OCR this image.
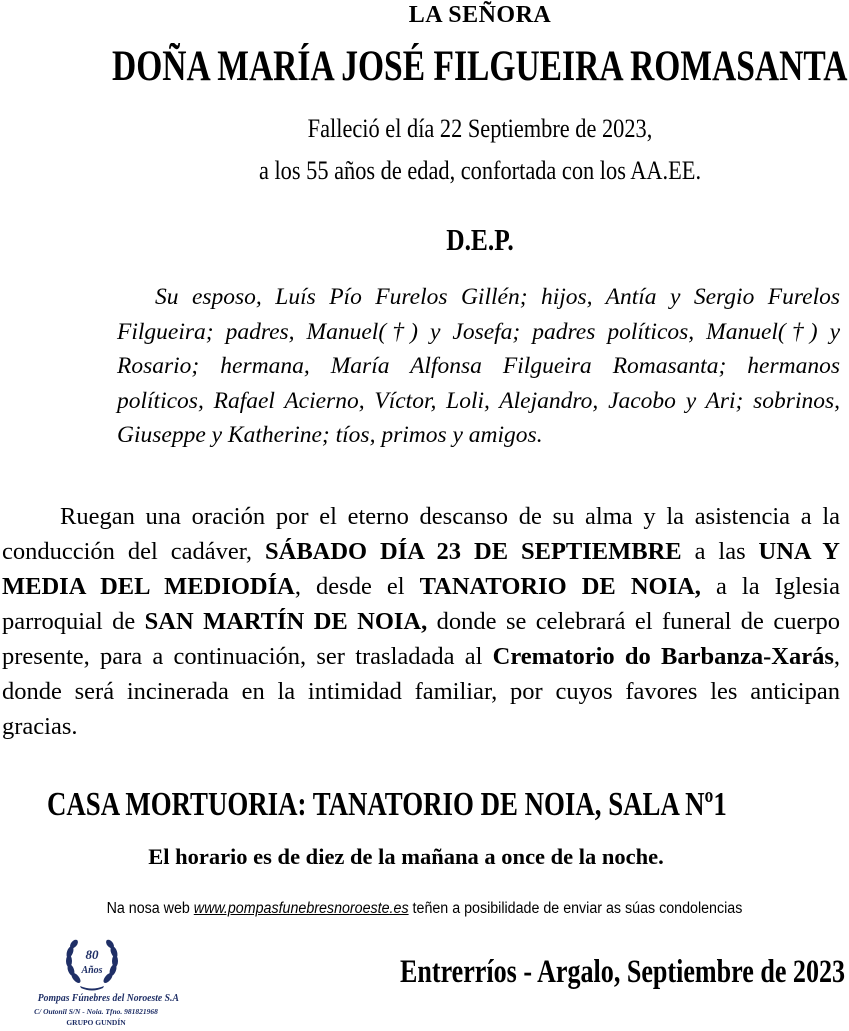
LA SEÑORA
DOÑA MARÍA JOSÉ FILGUEIRA ROMASANTA
Falleció el día 22 Septiembre de 2023,
a los 55 años de edad, confortada con los AA.EE.
D.E.P.
Su esposo, Luís Pío Furelos Gillén; hijos, Antía y Sergio Furelos Filgueira; padres, Manuel(†) y Josefa; padres políticos, Manuel(†) y Rosario; hermana, María Alfonsa Filgueira Romasanta; hermanos políticos, Rafael Acierno, Víctor, Loli, Alejandro, Jacobo y Ari; sobrinos, Giuseppe y Katherine; tíos, primos y amigos.
Ruegan una oración por el eterno descanso de su alma y la asistencia a la conducción del cadáver, SÁBADO DÍA 23 DE SEPTIEMBRE a las UNA Y MEDIA DEL MEDIODÍA, desde el TANATORIO DE NOIA, a la Iglesia parroquial de SAN MARTÍN DE NOIA, donde se celebrará el funeral de cuerpo presente, para a continuación, ser trasladada al Crematorio do Barbanza-Xarás, donde será incinerada en la intimidad familiar, por cuyos favores les anticipan gracias.
CASA MORTUORIA: TANATORIO DE NOIA, SALA Nº1
El horario es de diez de la mañana a once de la noche.
Na nosa web www.pompasfunebresnoroeste.es teñen a posibilidade de enviar as súas condolencias
Entrerríos - Argalo, Septiembre de 2023
80
Años
Pompas Fúnebres del Noroeste S.A
C/ Outonil S/N - Noia. Tfno. 981821968
GRUPO GUNDÍN
